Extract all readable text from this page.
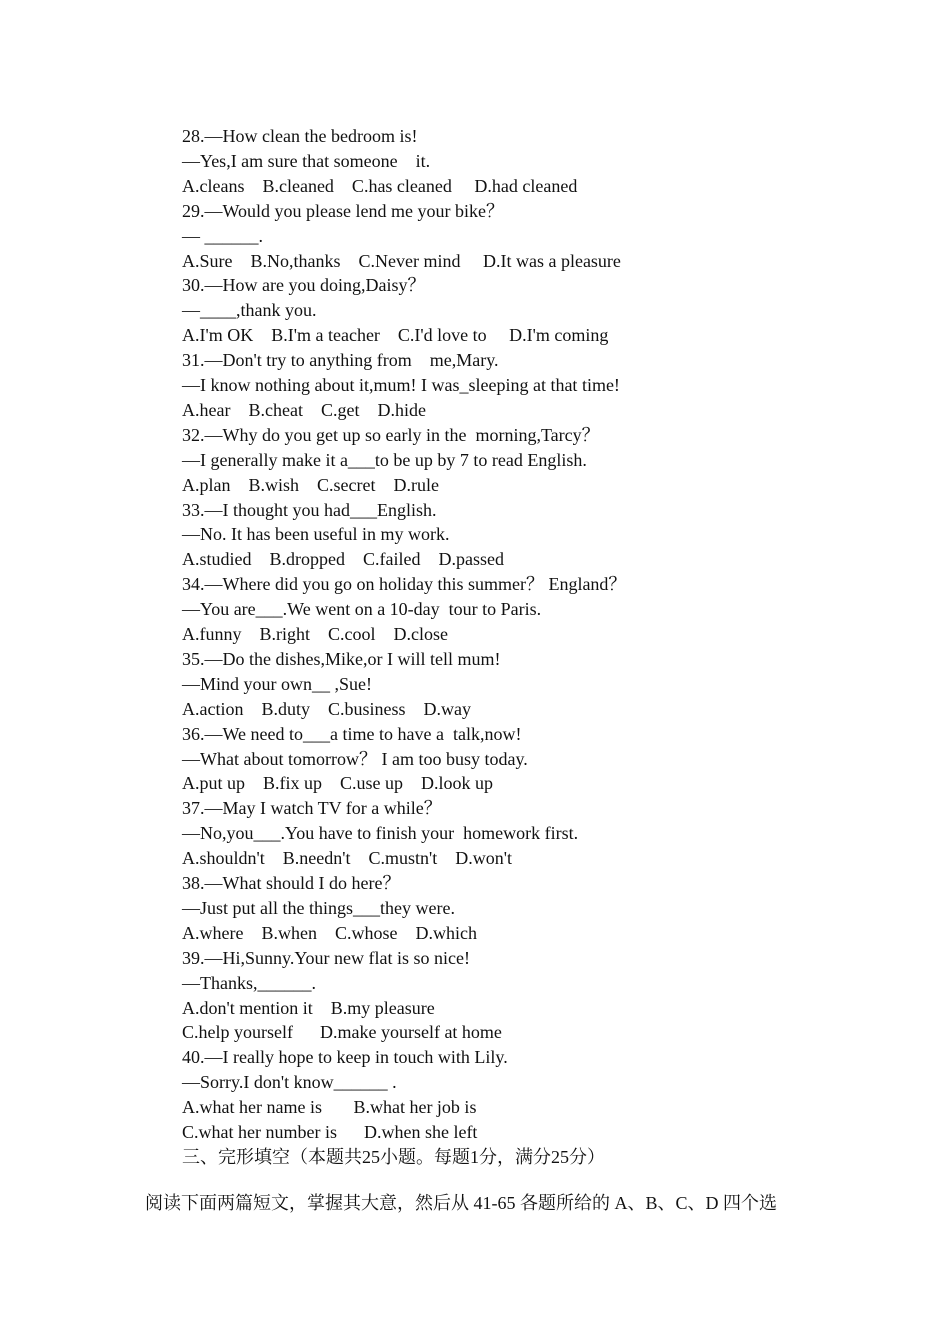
28.—How clean the bedroom is!
—Yes,I am sure that someone    it.
A.cleans    B.cleaned    C.has cleaned     D.had cleaned
29.—Would you please lend me your bike？
— ______.
A.Sure    B.No,thanks    C.Never mind     D.It was a pleasure
30.—How are you doing,Daisy？
—____,thank you.
A.I'm OK    B.I'm a teacher    C.I'd love to     D.I'm coming
31.—Don't try to anything from    me,Mary.
—I know nothing about it,mum! I was_sleeping at that time!
A.hear    B.cheat    C.get    D.hide
32.—Why do you get up so early in the  morning,Tarcy？
—I generally make it a___to be up by 7 to read English.
A.plan    B.wish    C.secret    D.rule
33.—I thought you had___English.
—No. It has been useful in my work.
A.studied    B.dropped    C.failed    D.passed
34.—Where did you go on holiday this summer？ England？
—You are___.We went on a 10-day  tour to Paris.
A.funny    B.right    C.cool    D.close
35.—Do the dishes,Mike,or I will tell mum!
—Mind your own__ ,Sue!
A.action    B.duty    C.business    D.way
36.—We need to___a time to have a  talk,now!
—What about tomorrow？ I am too busy today.
A.put up    B.fix up    C.use up    D.look up
37.—May I watch TV for a while？
—No,you___.You have to finish your  homework first.
A.shouldn't    B.needn't    C.mustn't    D.won't
38.—What should I do here？
—Just put all the things___they were.
A.where    B.when    C.whose    D.which
39.—Hi,Sunny.Your new flat is so nice!
—Thanks,______.
A.don't mention it    B.my pleasure
C.help yourself      D.make yourself at home
40.—I really hope to keep in touch with Lily.
—Sorry.I don't know______ .
A.what her name is       B.what her job is
C.what her number is      D.when she left
三、完形填空（本题共25小题。每题1分，满分25分）
阅读下面两篇短文，掌握其大意，然后从 41-65 各题所给的 A、B、C、D 四个选
